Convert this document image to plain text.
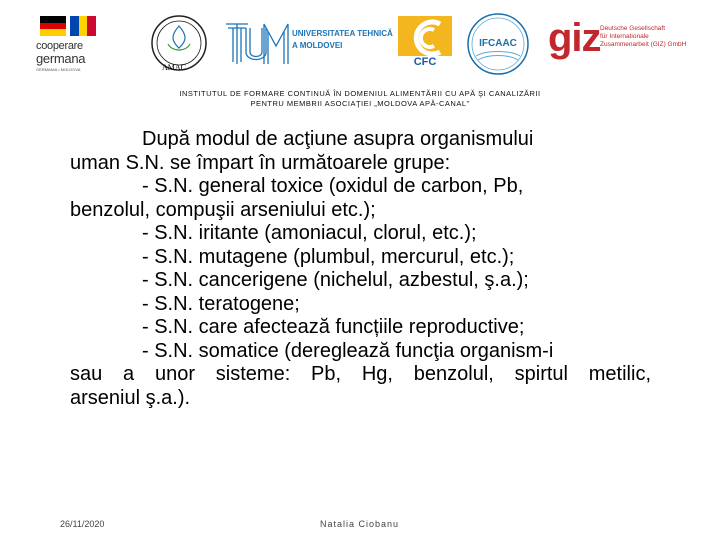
cooperare
germana
GERMANIA • MOLDOVA	AMAC
UNIVERSITATEA TEHNICĂ
A MOLDOVEI
CFC
IFCAAC giz Deutsche Gesellschaft
für Internationale
Zusammenarbeit (GIZ) GmbH
INSTITUTUL DE FORMARE CONTINUĂ ÎN DOMENIUL ALIMENTĂRII CU APĂ ŞI CANALIZĂRII
PENTRU MEMBRII ASOCIAŢIEI „MOLDOVA APĂ-CANAL”

După modul de acţiune asupra organismului

uman S.N. se împart în următoarele grupe:

- S.N. general toxice (oxidul de carbon, Pb,

benzolul, compuşii arseniului etc.);

- S.N. iritante (amoniacul, clorul, etc.);

- S.N. mutagene (plumbul, mercurul, etc.);

- S.N. cancerigene (nichelul, azbestul, ş.a.);

- S.N. teratogene;

- S.N. care afectează funcțiile reproductive;

- S.N. somatice (dereglează funcţia organism-i

sau a unor sisteme: Pb, Hg, benzolul, spirtul metilic,

arseniul ş.a.).

26/11/2020	Natalia Ciobanu
